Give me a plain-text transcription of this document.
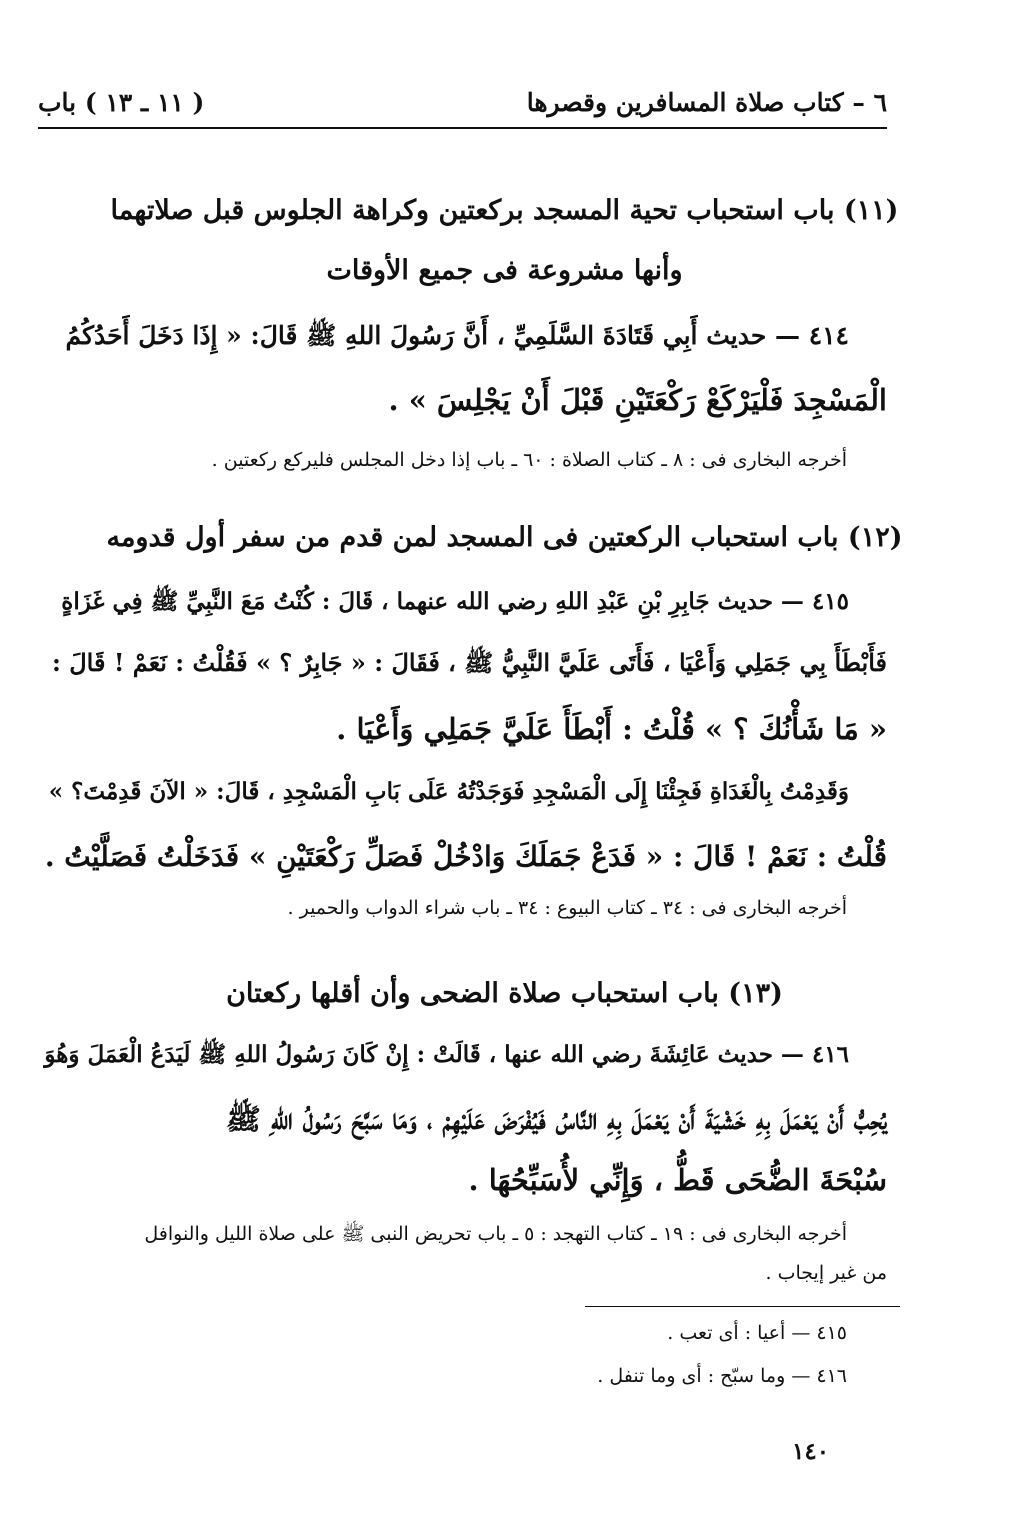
٦ – كتاب صلاة المسافرين وقصرها
( ١١ ـ ١٣ ) باب
(١١) باب استحباب تحية المسجد بركعتين وكراهة الجلوس قبل صلاتهما
وأنها مشروعة فى جميع الأوقات
٤١٤ — حديث أَبِي قَتَادَةَ السَّلَمِيِّ ، أَنَّ رَسُولَ اللهِ ﷺ قَالَ: « إِذَا دَخَلَ أَحَدُكُمُ
الْمَسْجِدَ فَلْيَرْكَعْ رَكْعَتَيْنِ قَبْلَ أَنْ يَجْلِسَ » .
أخرجه البخارى فى : ٨ ـ كتاب الصلاة : ٦٠ ـ باب إذا دخل المجلس فليركع ركعتين .
(١٢) باب استحباب الركعتين فى المسجد لمن قدم من سفر أول قدومه
٤١٥ — حديث جَابِرِ بْنِ عَبْدِ اللهِ رضي الله عنهما ، قَالَ : كُنْتُ مَعَ النَّبِيِّ ﷺ فِي غَزَاةٍ
فَأَبْطَأَ بِي جَمَلِي وَأَعْيَا ، فَأَتَى عَلَيَّ النَّبِيُّ ﷺ ، فَقَالَ : « جَابِرٌ ؟ » فَقُلْتُ : نَعَمْ ! قَالَ :
« مَا شَأْنُكَ ؟ » قُلْتُ : أَبْطَأَ عَلَيَّ جَمَلِي وَأَعْيَا .
وَقَدِمْتُ بِالْغَدَاةِ فَجِئْنَا إِلَى الْمَسْجِدِ فَوَجَدْتُهُ عَلَى بَابِ الْمَسْجِدِ ، قَالَ: « الآنَ قَدِمْتَ؟ »
قُلْتُ : نَعَمْ ! قَالَ : « فَدَعْ جَمَلَكَ وَادْخُلْ فَصَلِّ رَكْعَتَيْنِ » فَدَخَلْتُ فَصَلَّيْتُ .
أخرجه البخارى فى : ٣٤ ـ كتاب البيوع : ٣٤ ـ باب شراء الدواب والحمير .
(١٣) باب استحباب صلاة الضحى وأن أقلها ركعتان
٤١٦ — حديث عَائِشَةَ رضي الله عنها ، قَالَتْ : إِنْ كَانَ رَسُولُ اللهِ ﷺ لَيَدَعُ الْعَمَلَ وَهُوَ
يُحِبُّ أَنْ يَعْمَلَ بِهِ خَشْيَةَ أَنْ يَعْمَلَ بِهِ النَّاسُ فَيُفْرَضَ عَلَيْهِمْ ، وَمَا سَبَّحَ رَسُولُ اللهِ ﷺ
سُبْحَةَ الضُّحَى قَطُّ ، وَإِنِّي لأُسَبِّحُهَا .
أخرجه البخارى فى : ١٩ ـ كتاب التهجد : ٥ ـ باب تحريض النبى ﷺ على صلاة الليل والنوافل
من غير إيجاب .
٤١٥ — أعيا : أى تعب .
٤١٦ — وما سبّح : أى وما تنفل .
١٤٠
